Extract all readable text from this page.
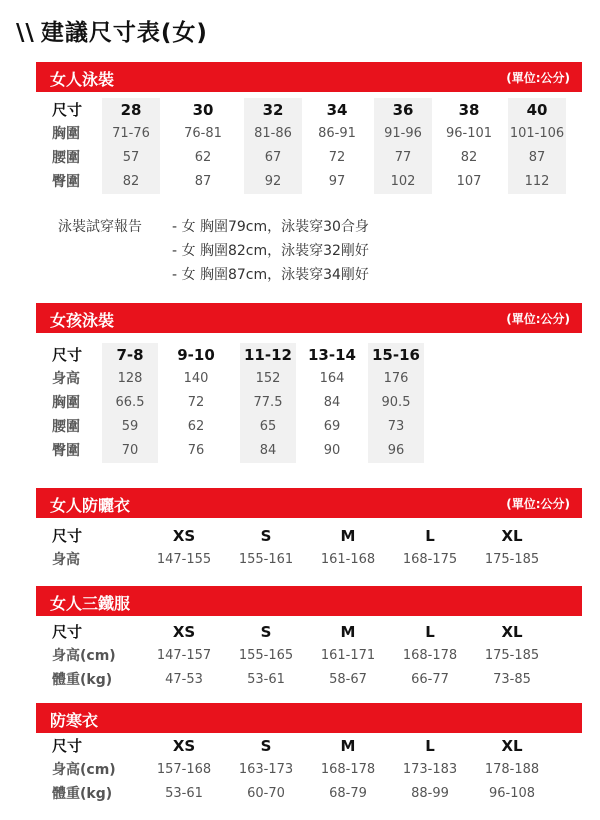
\\ 建議尺寸表(女)
女人泳裝	(單位:公分)
尺寸	28	30	32	34	36	38	40
胸圍	71-76	76-81	81-86	86-91	91-96	96-101	101-106
腰圍	57	62	67	72	77	82	87
臀圍	82	87	92	97	102	107	112
泳裝試穿報告 - 女 胸圍79cm，泳裝穿30合身
- 女 胸圍82cm，泳裝穿32剛好
- 女 胸圍87cm，泳裝穿34剛好
女孩泳裝	(單位:公分)
尺寸	7-8	9-10	11-12	13-14	15-16
身高	128	140	152	164	176
胸圍	66.5	72	77.5	84	90.5
腰圍	59	62	65	69	73
臀圍	70	76	84	90	96
女人防曬衣	(單位:公分)
尺寸	XS	S	M	L	XL
身高	147-155	155-161	161-168	168-175	175-185
女人三鐵服
尺寸	XS	S	M	L	XL
身高(cm)	147-157	155-165	161-171	168-178	175-185
體重(kg)	47-53	53-61	58-67	66-77	73-85
防寒衣
尺寸	XS	S	M	L	XL
身高(cm)	157-168	163-173	168-178	173-183	178-188
體重(kg)	53-61	60-70	68-79	88-99	96-108
